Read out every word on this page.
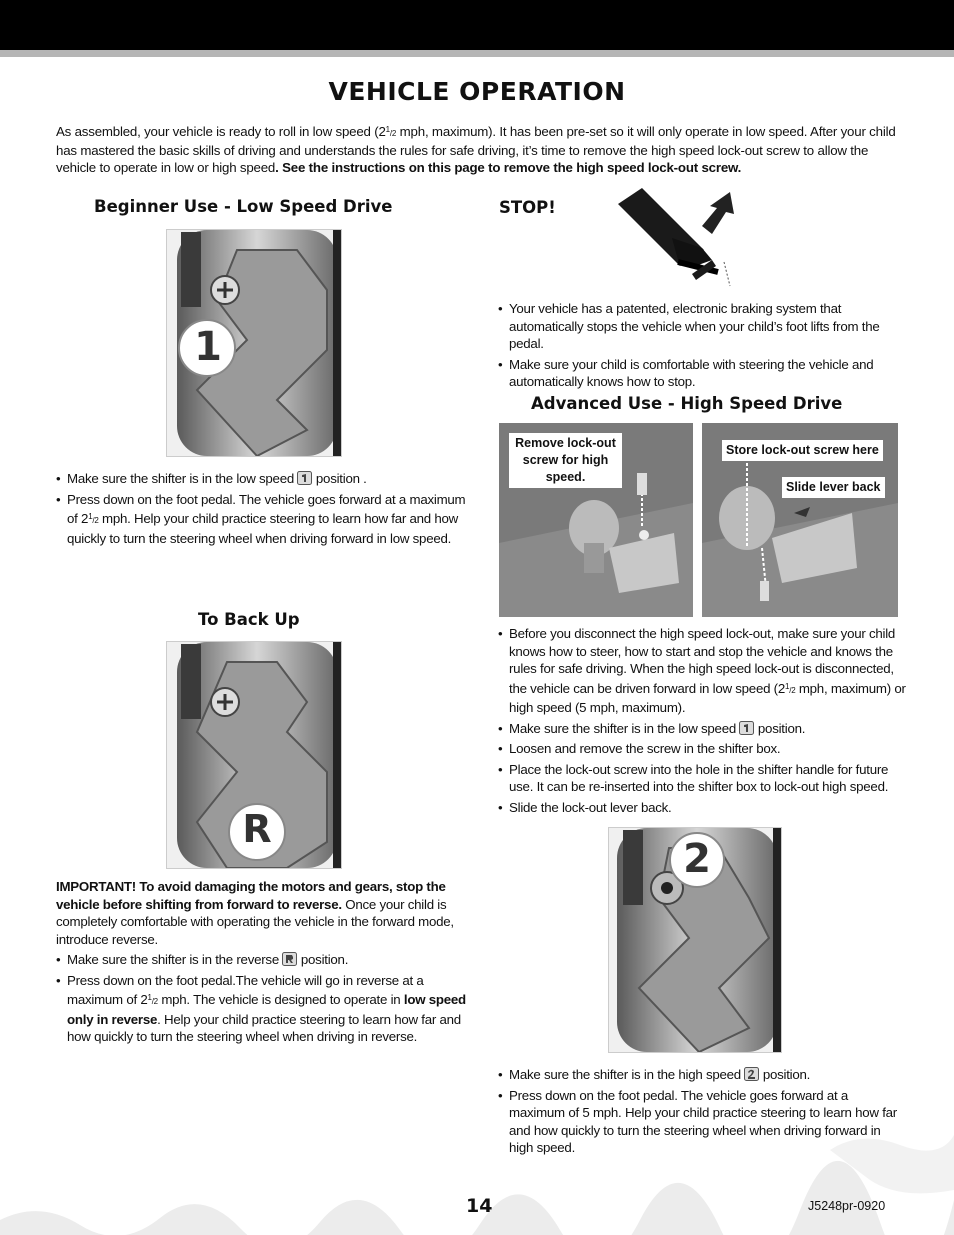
VEHICLE OPERATION
As assembled, your vehicle is ready to roll in low speed ($2^1/2$ mph, maximum). It has been pre-set so it will only operate in low speed. After your child has mastered the basic skills of driving and understands the rules for safe driving, it’s time to remove the high speed lock-out screw to allow the vehicle to operate in low or high speed. See the instructions on this page to remove the high speed lock-out screw.
Beginner Use - Low Speed Drive
1
• Make sure the shifter is in the low speed position .
• Press down on the foot pedal. The vehicle goes forward at a maximum of $2^1/2$ mph. Help your child practice steering to learn how far and how quickly to turn the steering wheel when driving forward in low speed.
To Back Up
R
IMPORTANT! To avoid damaging the motors and gears, stop the vehicle before shifting from forward to reverse. Once your child is completely comfortable with operating the vehicle in the forward mode, introduce reverse.
• Make sure the shifter is in the reverse position.
• Press down on the foot pedal.The vehicle will go in reverse at a maximum of $2^1/2$ mph. The vehicle is designed to operate in low speed only in reverse. Help your child practice steering to learn how far and how quickly to turn the steering wheel when driving in reverse.
STOP!
• Your vehicle has a patented, electronic braking system that automatically stops the vehicle when your child’s foot lifts from the pedal.
• Make sure your child is comfortable with steering the vehicle and automatically knows how to stop.
Advanced Use - High Speed Drive
Remove lock-out screw for high speed.
Store lock-out screw here
Slide lever back
• Before you disconnect the high speed lock-out, make sure your child knows how to steer, how to start and stop the vehicle and knows the rules for safe driving. When the high speed lock-out is disconnected, the vehicle can be driven forward in low speed ($2^1/2$ mph, maximum) or high speed (5 mph, maximum).
• Make sure the shifter is in the low speed position.
• Loosen and remove the screw in the shifter box.
• Place the lock-out screw into the hole in the shifter handle for future use. It can be re-inserted into the shifter box to lock-out high speed.
• Slide the lock-out lever back.
2
• Make sure the shifter is in the high speed position.
• Press down on the foot pedal. The vehicle goes forward at a maximum of 5 mph. Help your child practice steering to learn how far and how quickly to turn the steering wheel when driving forward in high speed.
14	J5248pr-0920
